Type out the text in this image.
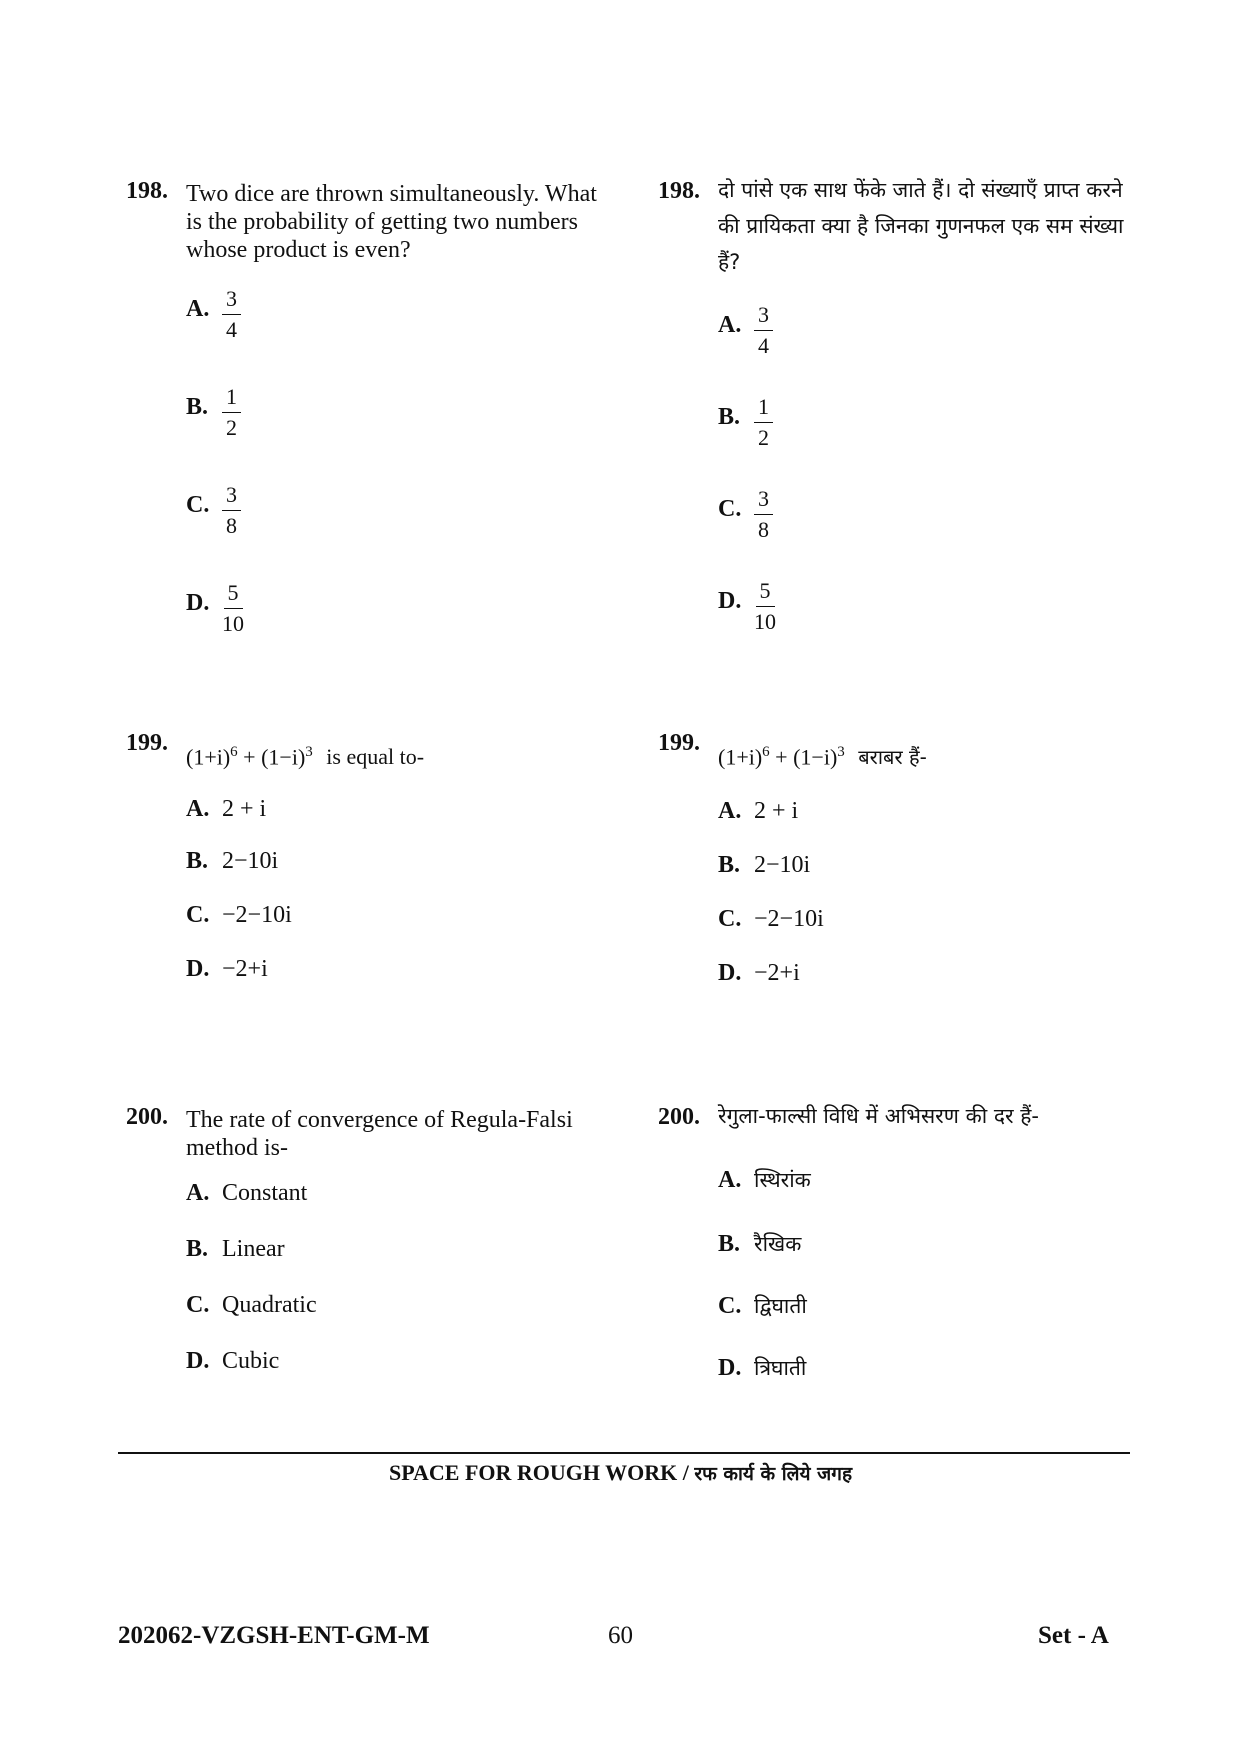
198. Two dice are thrown simultaneously. What is the probability of getting two numbers whose product is even?
A. $\frac{3}{4}$
B. $\frac{1}{2}$
C. $\frac{3}{8}$
D. $\frac{5}{10}$
199.
$(1+i)^6 + (1-i)^3$ is equal to-
A. 2 + i
B. 2−10i
C. −2−10i
D. −2+i
200. The rate of convergence of Regula-Falsi method is-
A. Constant
B. Linear
C. Quadratic
D. Cubic
198. दो पांसे एक साथ फेंके जाते हैं। दो संख्याएँ प्राप्त करने की प्रायिकता क्या है जिनका गुणनफल एक सम संख्या हैं?
A. $\frac{3}{4}$
B. $\frac{1}{2}$
C. $\frac{3}{8}$
D. $\frac{5}{10}$
199.
$(1+i)^6 + (1-i)^3$ बराबर हैं-
A. 2 + i
B. 2−10i
C. −2−10i
D. −2+i
200. रेगुला-फाल्सी विधि में अभिसरण की दर हैं-
A. स्थिरांक
B. रैखिक
C. द्विघाती
D. त्रिघाती
SPACE FOR ROUGH WORK / रफ कार्य के लिये जगह
202062-VZGSH-ENT-GM-M	60	Set - A
